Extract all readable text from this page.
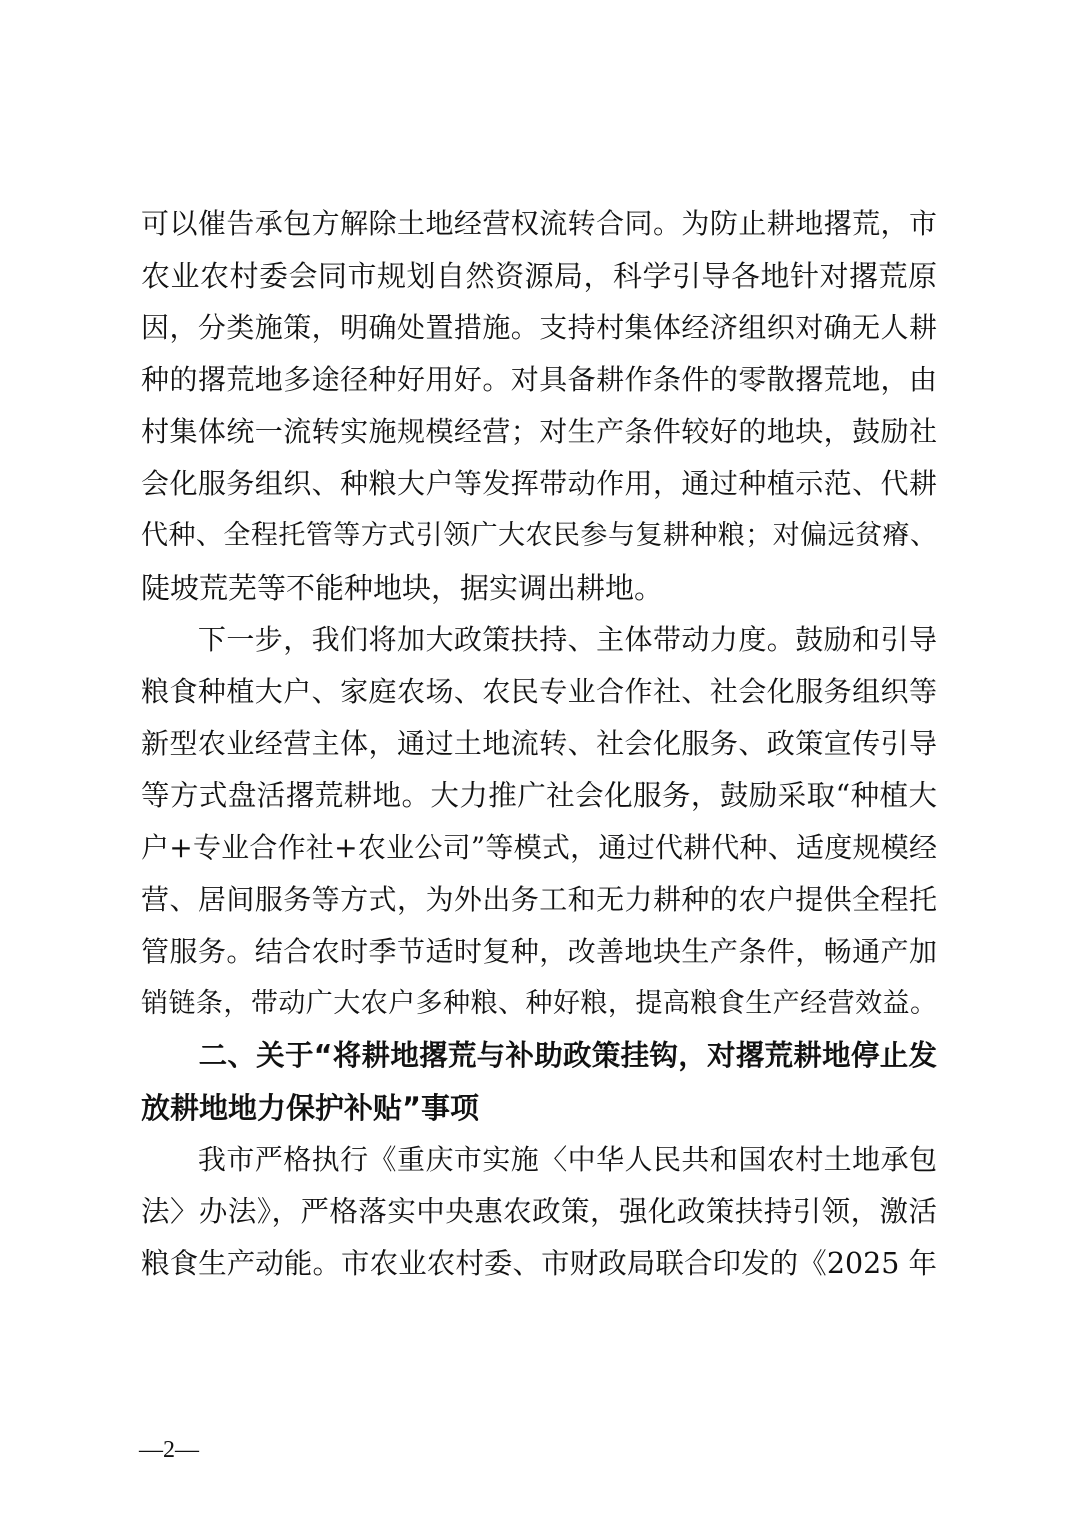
可以催告承包方解除土地经营权流转合同。为防止耕地撂荒，市
农业农村委会同市规划自然资源局，科学引导各地针对撂荒原
因，分类施策，明确处置措施。支持村集体经济组织对确无人耕
种的撂荒地多途径种好用好。对具备耕作条件的零散撂荒地，由
村集体统一流转实施规模经营；对生产条件较好的地块，鼓励社
会化服务组织、种粮大户等发挥带动作用，通过种植示范、代耕
代种、全程托管等方式引领广大农民参与复耕种粮；对偏远贫瘠、
陡坡荒芜等不能种地块，据实调出耕地。
　　下一步，我们将加大政策扶持、主体带动力度。鼓励和引导
粮食种植大户、家庭农场、农民专业合作社、社会化服务组织等
新型农业经营主体，通过土地流转、社会化服务、政策宣传引导
等方式盘活撂荒耕地。大力推广社会化服务，鼓励采取“种植大
户+专业合作社+农业公司”等模式，通过代耕代种、适度规模经
营、居间服务等方式，为外出务工和无力耕种的农户提供全程托
管服务。结合农时季节适时复种，改善地块生产条件，畅通产加
销链条，带动广大农户多种粮、种好粮，提高粮食生产经营效益。
　　二、关于“将耕地撂荒与补助政策挂钩，对撂荒耕地停止发
放耕地地力保护补贴”事项
　　我市严格执行《重庆市实施〈中华人民共和国农村土地承包
法〉办法》，严格落实中央惠农政策，强化政策扶持引领，激活
粮食生产动能。市农业农村委、市财政局联合印发的《2025 年
—2—
